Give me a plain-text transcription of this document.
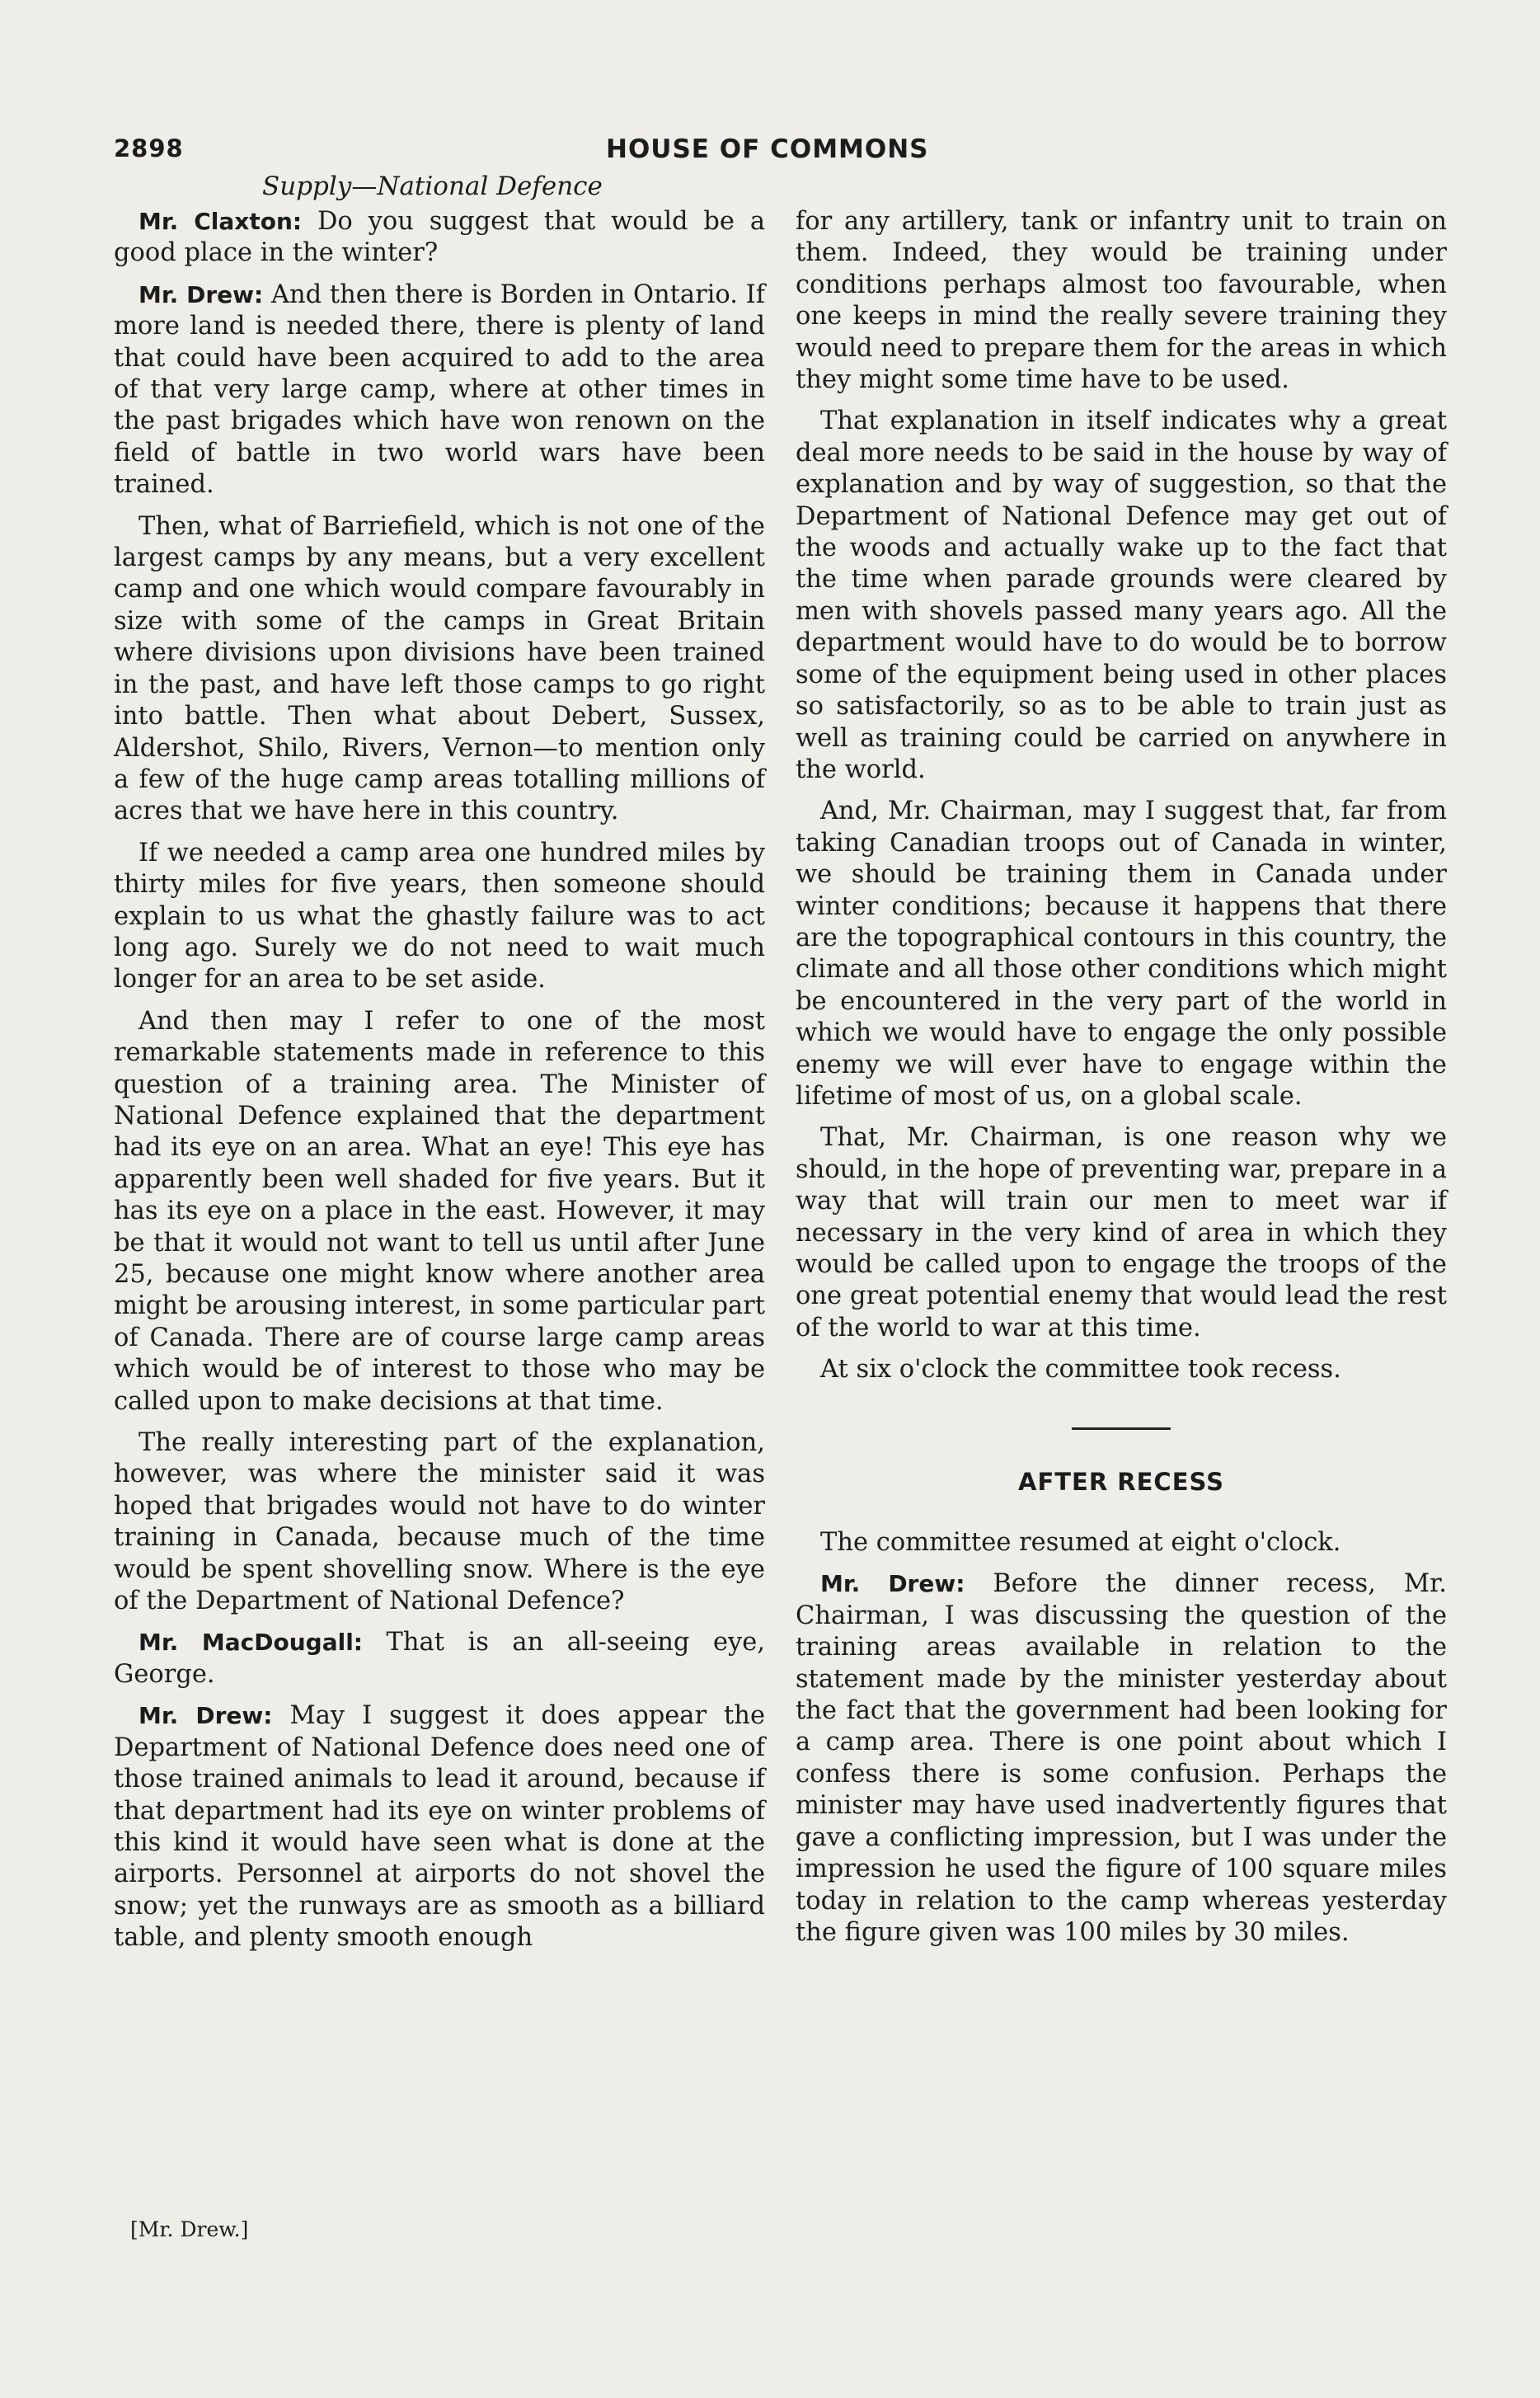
2898	HOUSE OF COMMONS
Supply—National Defence

Mr. Claxton: Do you suggest that would be a good place in the winter?

Mr. Drew: And then there is Borden in Ontario. If more land is needed there, there is plenty of land that could have been acquired to add to the area of that very large camp, where at other times in the past brigades which have won renown on the field of battle in two world wars have been trained.

Then, what of Barriefield, which is not one of the largest camps by any means, but a very excellent camp and one which would compare favourably in size with some of the camps in Great Britain where divisions upon divisions have been trained in the past, and have left those camps to go right into battle. Then what about Debert, Sussex, Aldershot, Shilo, Rivers, Vernon—to mention only a few of the huge camp areas totalling millions of acres that we have here in this country.

If we needed a camp area one hundred miles by thirty miles for five years, then someone should explain to us what the ghastly failure was to act long ago. Surely we do not need to wait much longer for an area to be set aside.

And then may I refer to one of the most remarkable statements made in reference to this question of a training area. The Minister of National Defence explained that the department had its eye on an area. What an eye! This eye has apparently been well shaded for five years. But it has its eye on a place in the east. However, it may be that it would not want to tell us until after June 25, because one might know where another area might be arousing interest, in some particular part of Canada. There are of course large camp areas which would be of interest to those who may be called upon to make decisions at that time.

The really interesting part of the explanation, however, was where the minister said it was hoped that brigades would not have to do winter training in Canada, because much of the time would be spent shovelling snow. Where is the eye of the Department of National Defence?

Mr. MacDougall: That is an all-seeing eye, George.

Mr. Drew: May I suggest it does appear the Department of National Defence does need one of those trained animals to lead it around, because if that department had its eye on winter problems of this kind it would have seen what is done at the airports. Personnel at airports do not shovel the snow; yet the runways are as smooth as a billiard table, and plenty smooth enough

[Mr. Drew.]

for any artillery, tank or infantry unit to train on them. Indeed, they would be training under conditions perhaps almost too favourable, when one keeps in mind the really severe training they would need to prepare them for the areas in which they might some time have to be used.

That explanation in itself indicates why a great deal more needs to be said in the house by way of explanation and by way of suggestion, so that the Department of National Defence may get out of the woods and actually wake up to the fact that the time when parade grounds were cleared by men with shovels passed many years ago. All the department would have to do would be to borrow some of the equipment being used in other places so satisfactorily, so as to be able to train just as well as training could be carried on anywhere in the world.

And, Mr. Chairman, may I suggest that, far from taking Canadian troops out of Canada in winter, we should be training them in Canada under winter conditions; because it happens that there are the topographical contours in this country, the climate and all those other conditions which might be encountered in the very part of the world in which we would have to engage the only possible enemy we will ever have to engage within the lifetime of most of us, on a global scale.

That, Mr. Chairman, is one reason why we should, in the hope of preventing war, prepare in a way that will train our men to meet war if necessary in the very kind of area in which they would be called upon to engage the troops of the one great potential enemy that would lead the rest of the world to war at this time.

At six o'clock the committee took recess.

AFTER RECESS

The committee resumed at eight o'clock.

Mr. Drew: Before the dinner recess, Mr. Chairman, I was discussing the question of the training areas available in relation to the statement made by the minister yesterday about the fact that the government had been looking for a camp area. There is one point about which I confess there is some confusion. Perhaps the minister may have used inadvertently figures that gave a conflicting impression, but I was under the impression he used the figure of 100 square miles today in relation to the camp whereas yesterday the figure given was 100 miles by 30 miles.
